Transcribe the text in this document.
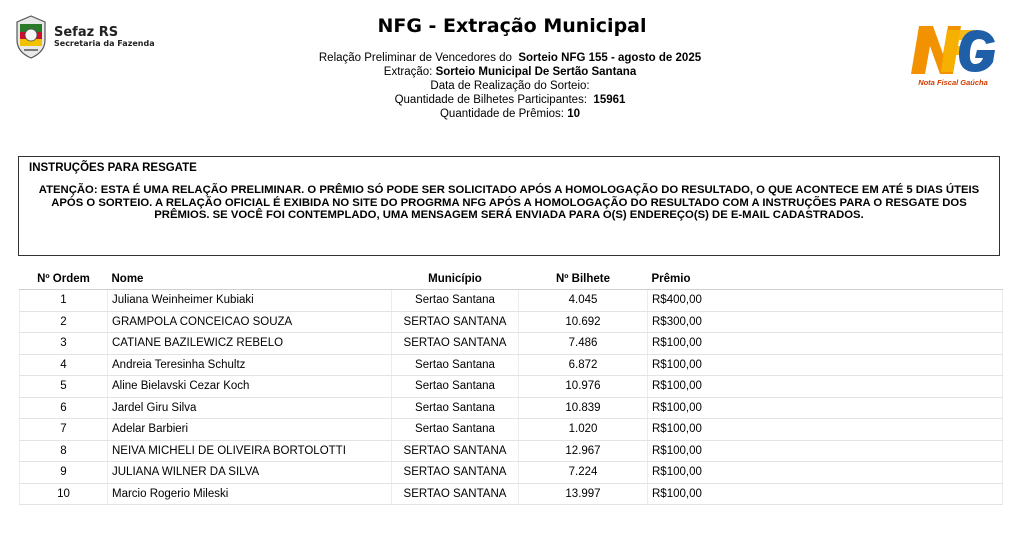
Sefaz RS
Secretaria da Fazenda
NFG - Extração Municipal
Relação Preliminar de Vencedores do Sorteio NFG 155 - agosto de 2025
Extração: Sorteio Municipal De Sertão Santana
Data de Realização do Sorteio:
Quantidade de Bilhetes Participantes: 15961
Quantidade de Prêmios: 10
Nota Fiscal Gaúcha
INSTRUÇÕES PARA RESGATE
ATENÇÃO: ESTA É UMA RELAÇÃO PRELIMINAR. O PRÊMIO SÓ PODE SER SOLICITADO APÓS A HOMOLOGAÇÃO DO RESULTADO, O QUE ACONTECE EM ATÉ 5 DIAS ÚTEIS APÓS O SORTEIO. A RELAÇÃO OFICIAL É EXIBIDA NO SITE DO PROGRMA NFG APÓS A HOMOLOGAÇÃO DO RESULTADO COM A INSTRUÇÕES PARA O RESGATE DOS PRÊMIOS. SE VOCÊ FOI CONTEMPLADO, UMA MENSAGEM SERÁ ENVIADA PARA O(S) ENDEREÇO(S) DE E-MAIL CADASTRADOS.
Nº Ordem	Nome	Município	Nº Bilhete	Prêmio
1	Juliana Weinheimer Kubiaki	Sertao Santana	4.045	R$400,00
2	GRAMPOLA CONCEICAO SOUZA	SERTAO SANTANA	10.692	R$300,00
3	CATIANE BAZILEWICZ REBELO	SERTAO SANTANA	7.486	R$100,00
4	Andreia Teresinha Schultz	Sertao Santana	6.872	R$100,00
5	Aline Bielavski Cezar Koch	Sertao Santana	10.976	R$100,00
6	Jardel Giru Silva	Sertao Santana	10.839	R$100,00
7	Adelar Barbieri	Sertao Santana	1.020	R$100,00
8	NEIVA MICHELI DE OLIVEIRA BORTOLOTTI	SERTAO SANTANA	12.967	R$100,00
9	JULIANA WILNER DA SILVA	SERTAO SANTANA	7.224	R$100,00
10	Marcio Rogerio Mileski	SERTAO SANTANA	13.997	R$100,00
